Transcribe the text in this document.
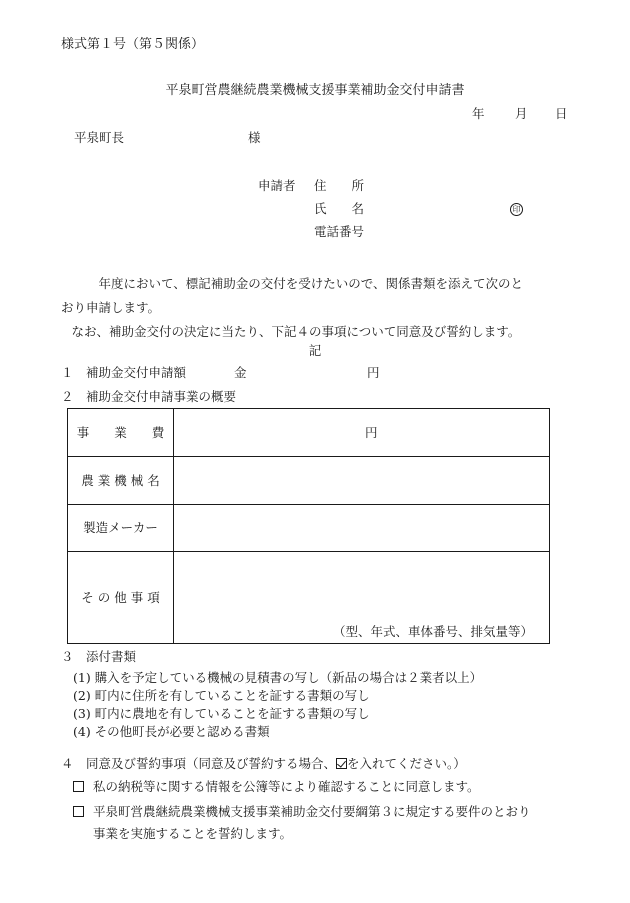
様式第１号（第５関係）
平泉町営農継続農業機械支援事業補助金交付申請書
年 月 日
平泉町長	様
申請者 住　　所
氏　　名
電話番号
印

　　　年度において、標記補助金の交付を受けたいので、関係書類を添えて次のと

おり申請します。

　なお、補助金交付の決定に当たり、下記４の事項について同意及び誓約します。

記
１　補助金交付申請額	金	円
２　補助金交付申請事業の概要
事　　業　　費	円
農 業 機 械 名
製造メーカー
そ の 他 事 項
（型、年式、車体番号、排気量等）
３　添付書類
(1) 購入を予定している機械の見積書の写し（新品の場合は２業者以上）
(2) 町内に住所を有していることを証する書類の写し
(3) 町内に農地を有していることを証する書類の写し
(4) その他町長が必要と認める書類
４　同意及び誓約事項（同意及び誓約する場合、 を入れてください。）
私の納税等に関する情報を公簿等により確認することに同意します。
平泉町営農継続農業機械支援事業補助金交付要綱第３に規定する要件のとおり
事業を実施することを誓約します。
